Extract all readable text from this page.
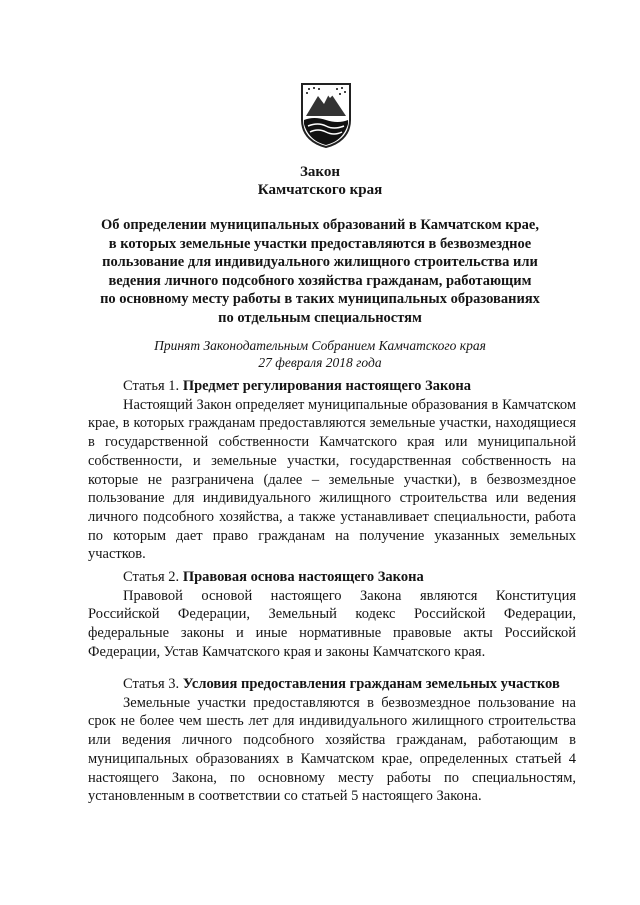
Закон
Камчатского края
Об определении муниципальных образований в Камчатском крае,
в которых земельные участки предоставляются в безвозмездное
пользование для индивидуального жилищного строительства или
ведения личного подсобного хозяйства гражданам, работающим
по основному месту работы в таких муниципальных образованиях
по отдельным специальностям
Принят Законодательным Собранием Камчатского края
27 февраля 2018 года
Статья 1. Предмет регулирования настоящего Закона

Настоящий Закон определяет муниципальные образования в Камчатском крае, в которых гражданам предоставляются земельные участки, находящиеся в государственной собственности Камчатского края или муниципальной собственности, и земельные участки, государственная собственность на которые не разграничена (далее – земельные участки), в безвозмездное пользование для индивидуального жилищного строительства или ведения личного подсобного хозяйства, а также устанавливает специальности, работа по которым дает право гражданам на получение указанных земельных участков.

Статья 2. Правовая основа настоящего Закона

Правовой основой настоящего Закона являются Конституция Российской Федерации, Земельный кодекс Российской Федерации, федеральные законы и иные нормативные правовые акты Российской Федерации, Устав Камчатского края и законы Камчатского края.

Статья 3. Условия предоставления гражданам земельных участков

Земельные участки предоставляются в безвозмездное пользование на срок не более чем шесть лет для индивидуального жилищного строительства или ведения личного подсобного хозяйства гражданам, работающим в муниципальных образованиях в Камчатском крае, определенных статьей 4 настоящего Закона, по основному месту работы по специальностям, установленным в соответствии со статьей 5 настоящего Закона.
